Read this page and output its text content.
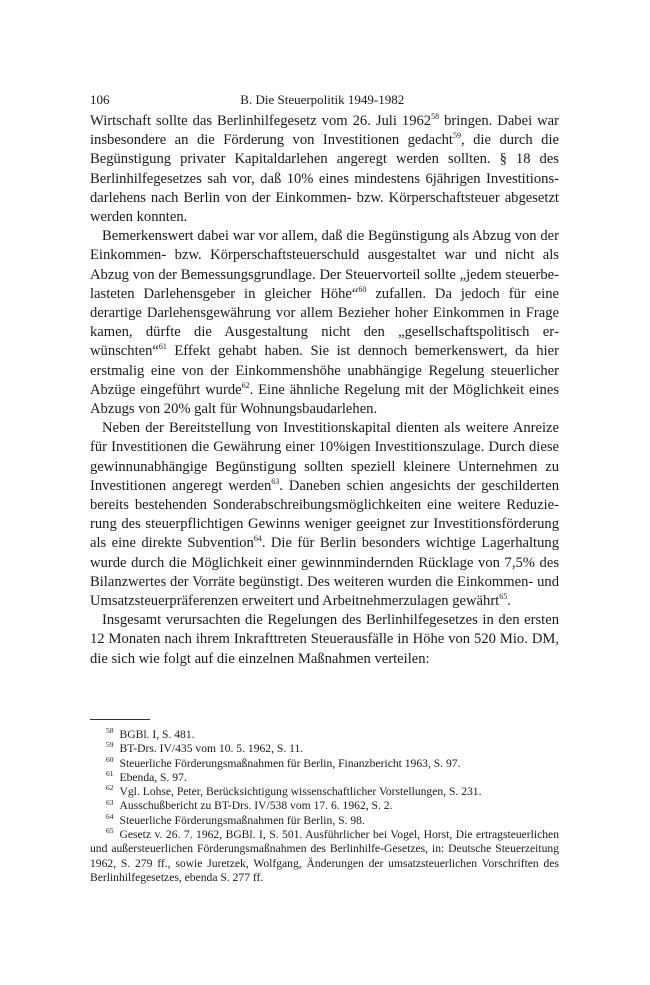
106	B. Die Steuerpolitik 1949-1982

Wirtschaft sollte das Berlinhilfegesetz vom 26. Juli 1962$^{58}$ bringen. Dabei war insbesondere an die Förderung von Investitionen gedacht$^{59}$, die durch die Begünstigung privater Kapitaldarlehen angeregt werden sollten. § 18 des Berlinhilfegesetzes sah vor, daß 10% eines mindestens 6jährigen Investitionsdarlehens nach Berlin von der Einkommen- bzw. Körperschaftsteuer abgesetzt werden konnten.

Bemerkenswert dabei war vor allem, daß die Begünstigung als Abzug von der Einkommen- bzw. Körperschaftsteuerschuld ausgestaltet war und nicht als Abzug von der Bemessungsgrundlage. Der Steuervorteil sollte „jedem steuerbelasteten Darlehensgeber in gleicher Höhe“$^{60}$ zufallen. Da jedoch für eine derartige Darlehensgewährung vor allem Bezieher hoher Einkommen in Frage kamen, dürfte die Ausgestaltung nicht den „gesellschaftspolitisch erwünschten“$^{61}$ Effekt gehabt haben. Sie ist dennoch bemerkenswert, da hier erstmalig eine von der Einkommenshöhe unabhängige Regelung steuerlicher Abzüge eingeführt wurde$^{62}$. Eine ähnliche Regelung mit der Möglichkeit eines Abzugs von 20% galt für Wohnungsbaudarlehen.

Neben der Bereitstellung von Investitionskapital dienten als weitere Anreize für Investitionen die Gewährung einer 10%igen Investitionszulage. Durch diese gewinnunabhängige Begünstigung sollten speziell kleinere Unternehmen zu Investitionen angeregt werden$^{63}$. Daneben schien angesichts der geschilderten bereits bestehenden Sonderabschreibungsmöglichkeiten eine weitere Reduzierung des steuerpflichtigen Gewinns weniger geeignet zur Investitionsförderung als eine direkte Subvention$^{64}$. Die für Berlin besonders wichtige Lagerhaltung wurde durch die Möglichkeit einer gewinnmindernden Rücklage von 7,5% des Bilanzwertes der Vorräte begünstigt. Des weiteren wurden die Einkommen- und Umsatzsteuerpräferenzen erweitert und Arbeitnehmerzulagen gewährt$^{65}$.

Insgesamt verursachten die Regelungen des Berlinhilfegesetzes in den ersten 12 Monaten nach ihrem Inkrafttreten Steuerausfälle in Höhe von 520 Mio. DM, die sich wie folgt auf die einzelnen Maßnahmen verteilen:

$^{58}$ BGBl. I, S. 481.

$^{59}$ BT-Drs. IV/435 vom 10. 5. 1962, S. 11.

$^{60}$ Steuerliche Förderungsmaßnahmen für Berlin, Finanzbericht 1963, S. 97.

$^{61}$ Ebenda, S. 97.

$^{62}$ Vgl. Lohse, Peter, Berücksichtigung wissenschaftlicher Vorstellungen, S. 231.

$^{63}$ Ausschußbericht zu BT-Drs. IV/538 vom 17. 6. 1962, S. 2.

$^{64}$ Steuerliche Förderungsmaßnahmen für Berlin, S. 98.

$^{65}$ Gesetz v. 26. 7. 1962, BGBl. I, S. 501. Ausführlicher bei Vogel, Horst, Die ertragsteuerlichen und außersteuerlichen Förderungsmaßnahmen des Berlinhilfe-Gesetzes, in: Deutsche Steuerzeitung 1962, S. 279 ff., sowie Juretzek, Wolfgang, Änderungen der umsatzsteuerlichen Vorschriften des Berlinhilfegesetzes, ebenda S. 277 ff.
